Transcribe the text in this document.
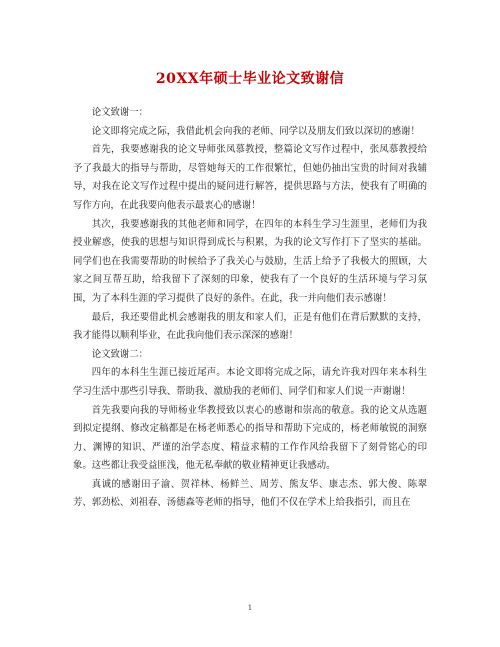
20XX年硕士毕业论文致谢信

论文致谢一：

论文即将完成之际，我借此机会向我的老师、同学以及朋友们致以深切的感谢！

首先，我要感谢我的论文导师张凤慕教授，整篇论文写作过程中，张凤慕教授给予了我最大的指导与帮助，尽管她每天的工作很繁忙，但她仍抽出宝贵的时间对我辅导，对我在论文写作过程中提出的疑问进行解答，提供思路与方法，使我有了明确的写作方向，在此我要向他表示最衷心的感谢！

其次，我要感谢我的其他老师和同学，在四年的本科生学习生涯里，老师们为我授业解惑，使我的思想与知识得到成长与积累，为我的论文写作打下了坚实的基础。同学们也在我需要帮助的时候给予了我关心与鼓励，生活上给予了我极大的照顾，大家之间互帮互助，给我留下了深刻的印象，使我有了一个良好的生活环境与学习氛围，为了本科生涯的学习提供了良好的条件。在此，我一并向他们表示感谢！

最后，我还要借此机会感谢我的朋友和家人们，正是有他们在背后默默的支持，我才能得以顺利毕业，在此我向他们表示深深的感谢！

论文致谢二：

四年的本科生生涯已接近尾声。本论文即将完成之际，请允许我对四年来本科生学习生活中那些引导我、帮助我、激励我的老师们、同学们和家人们说一声谢谢！

首先我要向我的导师杨业华教授致以衷心的感谢和崇高的敬意。我的论文从选题到拟定提纲、修改定稿都是在杨老师悉心的指导和帮助下完成的，杨老师敏锐的洞察力、渊博的知识、严谨的治学态度、精益求精的工作作风给我留下了刻骨铭心的印象。这些都让我受益匪浅，他无私奉献的敬业精神更让我感动。

真诚的感谢田子渝、贺祥林、杨鲜兰、周芳、熊友华、康志杰、郭大俊、陈翠芳、郭劲松、刘祖春、汤德森等老师的指导，他们不仅在学术上给我指引，而且在

1
